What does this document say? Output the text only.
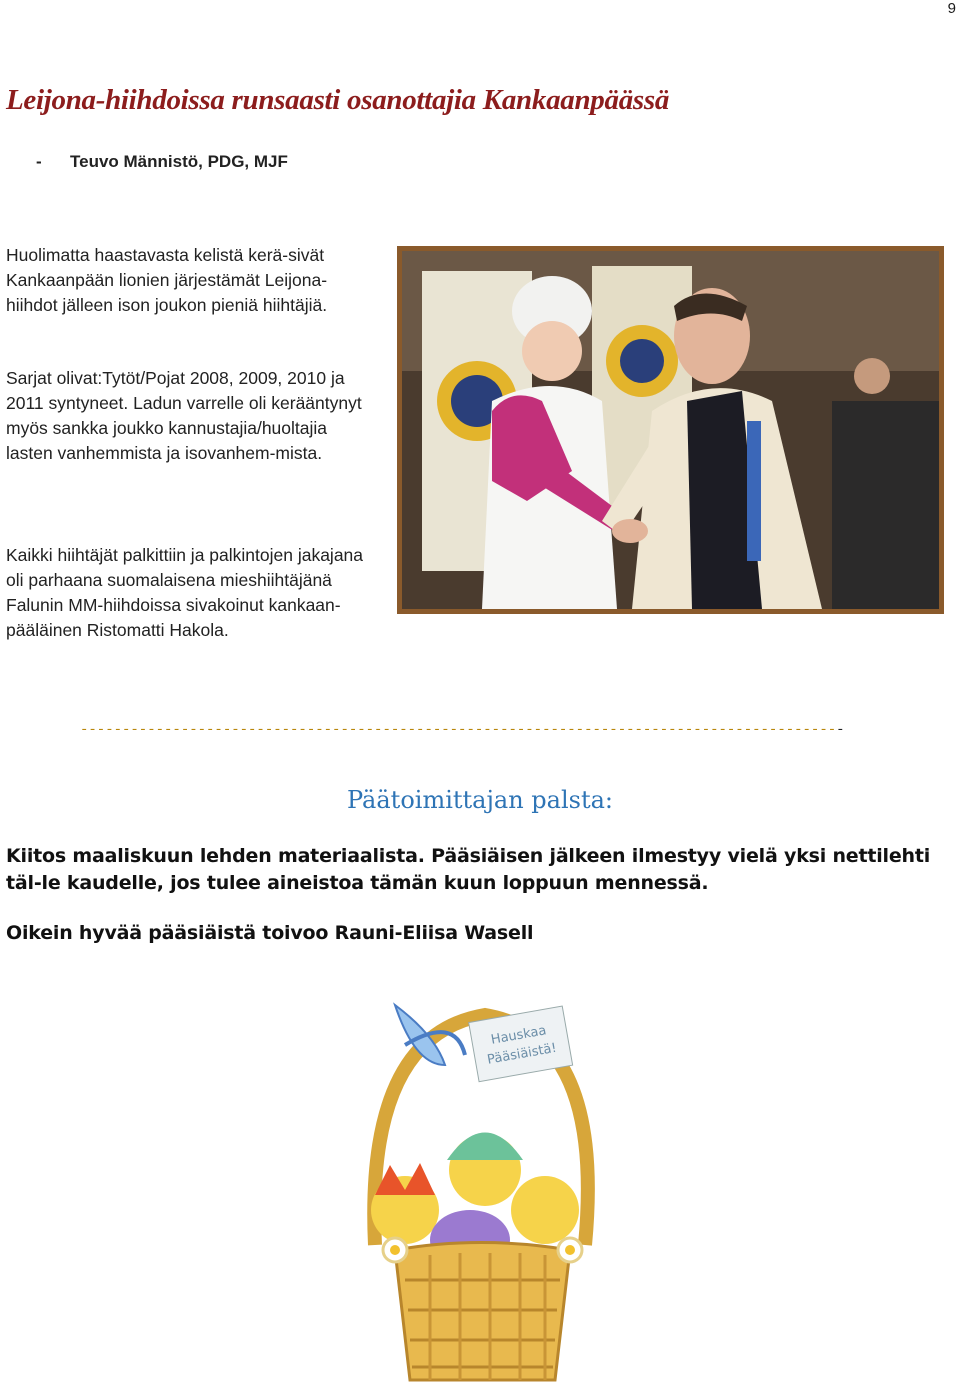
9
Leijona-hiihdoissa runsaasti osanottajia Kankaanpäässä
- Teuvo Männistö, PDG, MJF

Huolimatta haastavasta kelistä kerä-sivät Kankaanpään lionien järjestämät Leijona-hiihdot jälleen ison joukon pieniä hiihtäjiä.

Sarjat olivat:Tytöt/Pojat 2008, 2009, 2010 ja 2011 syntyneet. Ladun varrelle oli kerääntynyt myös sankka joukko kannustajia/huoltajia lasten vanhemmista ja isovanhem-mista.

Kaikki hiihtäjät palkittiin ja palkintojen jakajana oli parhaana suomalaisena mieshiihtäjänä Falunin MM-hiihdoissa sivakoinut kankaan-pääläinen Ristomatti Hakola.

-------------------------------------------------------------------------------------------
Päätoimittajan palsta:

Kiitos maaliskuun lehden materiaalista. Pääsiäisen jälkeen ilmestyy vielä yksi nettilehti täl-le kaudelle, jos tulee aineistoa tämän kuun loppuun mennessä.

Oikein hyvää pääsiäistä toivoo Rauni-Eliisa Wasell

Hauskaa
Pääsiäistä!
